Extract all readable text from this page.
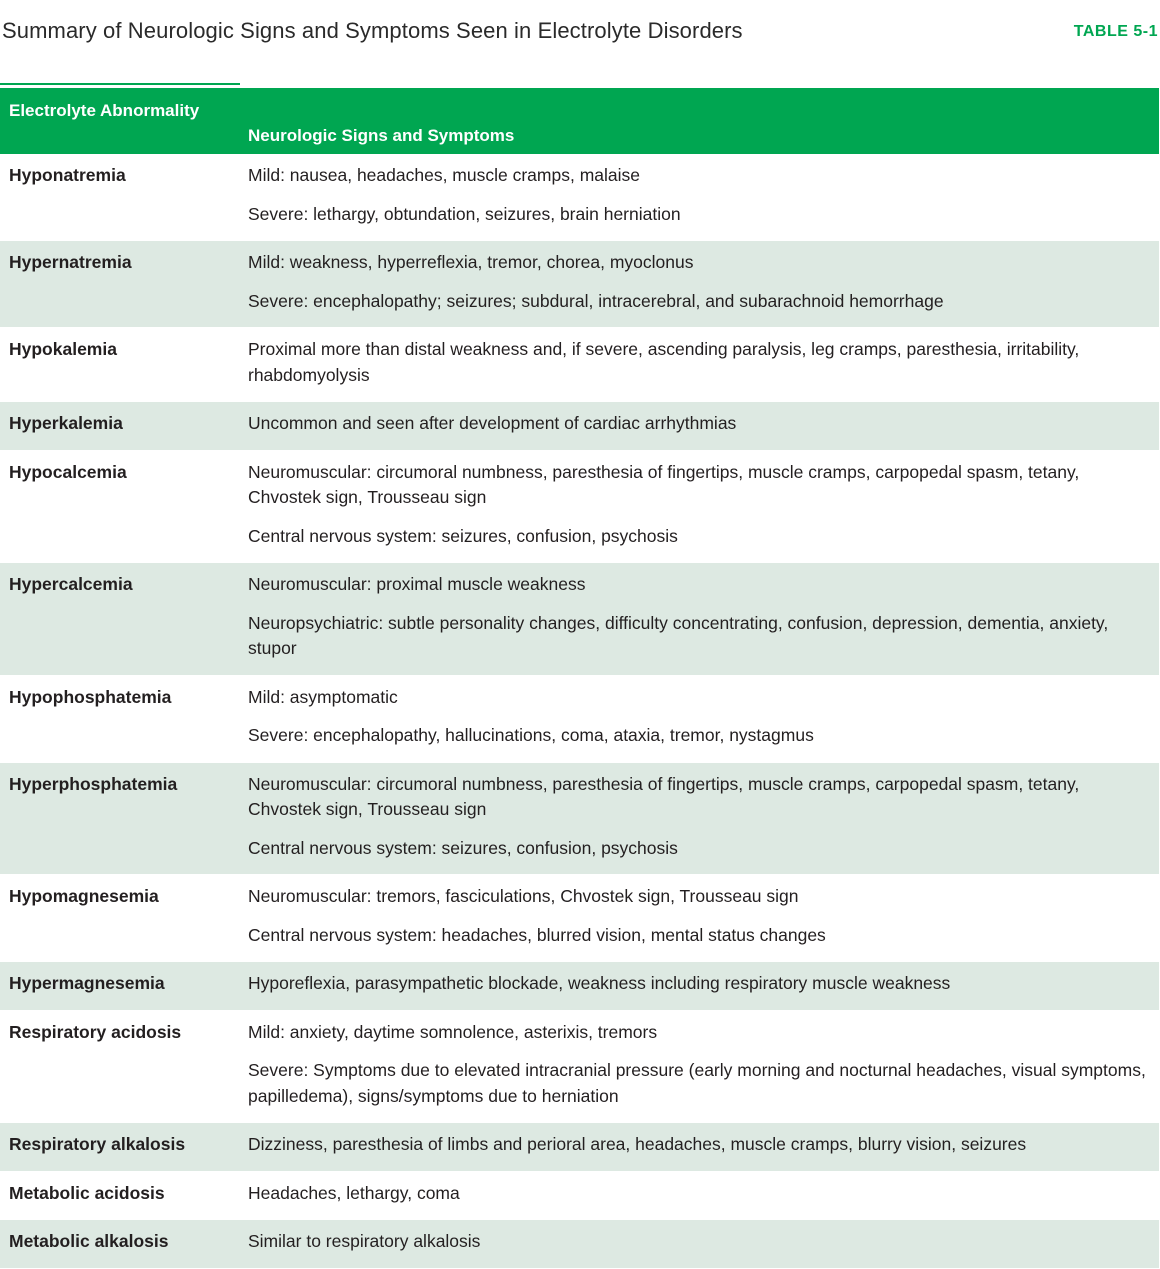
Summary of Neurologic Signs and Symptoms Seen in Electrolyte Disorders	TABLE 5-1
Electrolyte Abnormality
Neurologic Signs and Symptoms
Hyponatremia	Mild: nausea, headaches, muscle cramps, malaise
Severe: lethargy, obtundation, seizures, brain herniation
Hypernatremia	Mild: weakness, hyperreflexia, tremor, chorea, myoclonus
Severe: encephalopathy; seizures; subdural, intracerebral, and subarachnoid hemorrhage
Hypokalemia	Proximal more than distal weakness and, if severe, ascending paralysis, leg cramps, paresthesia, irritability, rhabdomyolysis
Hyperkalemia	Uncommon and seen after development of cardiac arrhythmias
Hypocalcemia	Neuromuscular: circumoral numbness, paresthesia of fingertips, muscle cramps, carpopedal spasm, tetany, Chvostek sign, Trousseau sign
Central nervous system: seizures, confusion, psychosis
Hypercalcemia	Neuromuscular: proximal muscle weakness
Neuropsychiatric: subtle personality changes, difficulty concentrating, confusion, depression, dementia, anxiety, stupor
Hypophosphatemia	Mild: asymptomatic
Severe: encephalopathy, hallucinations, coma, ataxia, tremor, nystagmus
Hyperphosphatemia	Neuromuscular: circumoral numbness, paresthesia of fingertips, muscle cramps, carpopedal spasm, tetany, Chvostek sign, Trousseau sign
Central nervous system: seizures, confusion, psychosis
Hypomagnesemia	Neuromuscular: tremors, fasciculations, Chvostek sign, Trousseau sign
Central nervous system: headaches, blurred vision, mental status changes
Hypermagnesemia	Hyporeflexia, parasympathetic blockade, weakness including respiratory muscle weakness
Respiratory acidosis	Mild: anxiety, daytime somnolence, asterixis, tremors
Severe: Symptoms due to elevated intracranial pressure (early morning and nocturnal headaches, visual symptoms, papilledema), signs/symptoms due to herniation
Respiratory alkalosis	Dizziness, paresthesia of limbs and perioral area, headaches, muscle cramps, blurry vision, seizures
Metabolic acidosis	Headaches, lethargy, coma
Metabolic alkalosis	Similar to respiratory alkalosis
